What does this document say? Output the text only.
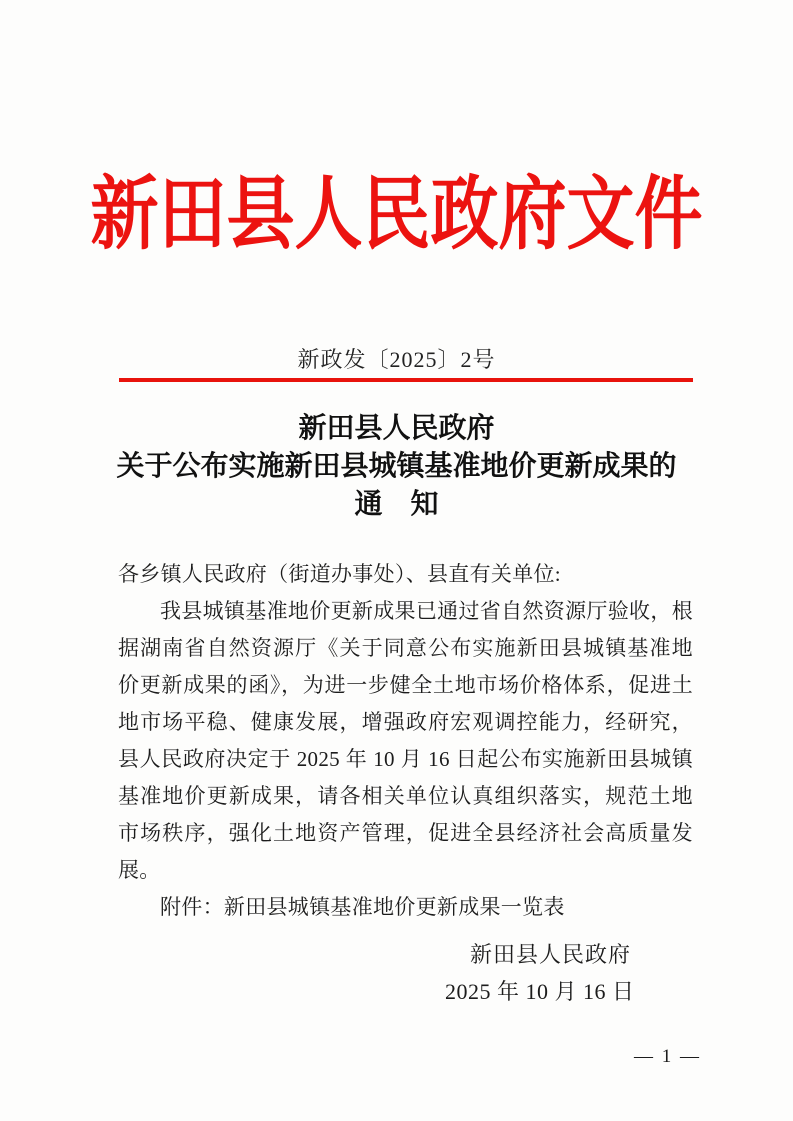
新田县人民政府文件
新政发〔2025〕2号
新田县人民政府
关于公布实施新田县城镇基准地价更新成果的
通　知

各乡镇人民政府（街道办事处）、县直有关单位:

我县城镇基准地价更新成果已通过省自然资源厅验收，根据湖南省自然资源厅《关于同意公布实施新田县城镇基准地价更新成果的函》，为进一步健全土地市场价格体系，促进土地市场平稳、健康发展，增强政府宏观调控能力，经研究，县人民政府决定于 2025 年 10 月 16 日起公布实施新田县城镇基准地价更新成果，请各相关单位认真组织落实，规范土地市场秩序，强化土地资产管理，促进全县经济社会高质量发展。

附件：新田县城镇基准地价更新成果一览表

新田县人民政府
2025 年 10 月 16 日
— 1 —
